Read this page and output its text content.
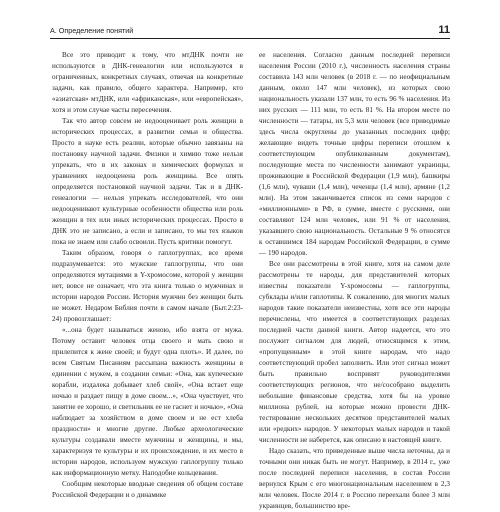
А. Определение понятий	11

Все это приводит к тому, что мтДНК почти не используются в ДНК-генеалогии или используются в ограниченных, конкретных случаях, отвечая на конкретные задачи, как правило, общего характера. Например, кто «азиатская» мтДНК, или «африканская», или «европейская», хотя и этом случае часты пересечения.

Так что автор совсем не недооценивает роль женщин в исторических процессах, в развитии семьи и общества. Просто в науке есть реалии, которые обычно завязаны на постановку научной задачи. Физики и химию тоже нельзя упрекать, что в их законах и химических формулах и уравнениях недооценена роль женщины. Все опять определяется постановкой научной задачи. Так и в ДНК-генеалогии — нельзя упрекать исследователей, что они недооценивают культурные особенности общества или роль женщин в тех или иных исторических процессах. Просто в ДНК это не записано, а если и записано, то мы тех языков пока не знаем или слабо освоили. Пусть критики помогут.

Таким образом, говоря о гаплогруппах, все время подразумевается: это мужские гаплогруппы, что они определяются мутациями в Y-хромосоме, которой у женщин нет, вовсе не означает, что эта книга только о мужчинах и истории народов России. История мужчин без женщин быть не может. Недаром Библия почти в самом начале (Быт.2:23-24) провозглашает:

«...она будет называться женою, ибо взята от мужа. Потому оставит человек отца своего и мать свою и прилепится к жене своей; и будут одна плоть». И далее, по всем Святым Писаниям рассыпана важность женщины в единении с мужем, в создании семьи: «Она, как купеческие корабли, издалека добывает хлеб свой», «Она встает еще ночью и раздает пищу в доме своем...», «Она чувствует, что занятие ее хорошо, и светильник ее не гаснет и ночью», «Она наблюдает за хозяйством в доме своем и не ест хлеба праздности» и многие другие. Любые археологические культуры создавали вместе мужчины и женщины, и мы, характеризуя те культуры и их происхождение, и их место в истории народов, используем мужскую гаплогруппу только как информационную метку. Наподобие кольцевания.

Сообщим некоторые вводные сведения об общем составе Российской Федерации и о динамике

ее населения. Согласно данным последней переписи населения России (2010 г.), численность населения страны составила 143 млн человек (в 2018 г. — по неофициальным данным, около 147 млн человек), из которых свою национальность указали 137 млн, то есть 96 % населения. Из них русских — 111 млн, то есть 81 %. На втором месте по численности — татары, их 5,3 млн человек (все приводимые здесь числа округлены до указанных последних цифр; желающие видеть точные цифры переписи отошлем к соответствующим опубликованным документам), последующие места по численности занимают украинцы, проживающие в Российской Федерации (1,9 млн), башкиры (1,6 млн), чуваши (1,4 млн), чеченцы (1,4 млн), армяне (1,2 млн). На этом заканчивается список из семи народов с «миллионными» в РФ, в сумме, вместе с русскими, они составляют 124 млн человек, или 91 % от населения, указавшего свою национальность. Остальные 9 % относятся к оставшимся 184 народам Российской Федерации, в сумме — 190 народов.

Все они рассмотрены в этой книге, хотя на самом деле рассмотрены те народы, для представителей которых известны показатели Y-хромосомы — гаплогруппы, субклады и/или гаплотипы. К сожалению, для многих малых народов такие показатели неизвестны, хотя все эти народы перечислены, что имеется в соответствующих разделах последней части данной книги. Автор надеется, что это послужит сигналом для людей, относящимся к этим, «пропущенным» в этой книге народам, что надо соответствующий пробел заполнить. Или этот сигнал может быть правильно воспринят руководителями соответствующих регионов, что не/сособрано выделить небольшие финансовые средства, хотя бы на уровне миллиона рублей, на которые можно провести ДНК-тестирование нескольких десятков представителей малых или «редких» народов. У некоторых малых народов и такой численности не наберется, как описано в настоящей книге.

Надо сказать, что приведенные выше числа неточны, да и точными они никак быть не могут. Например, в 2014 г., уже после последней переписи населения, в состав России вернулся Крым с его многонациональным населением в 2,3 млн человек. После 2014 г. в Россию переехали более 3 млн украинцев, большинство вре-
